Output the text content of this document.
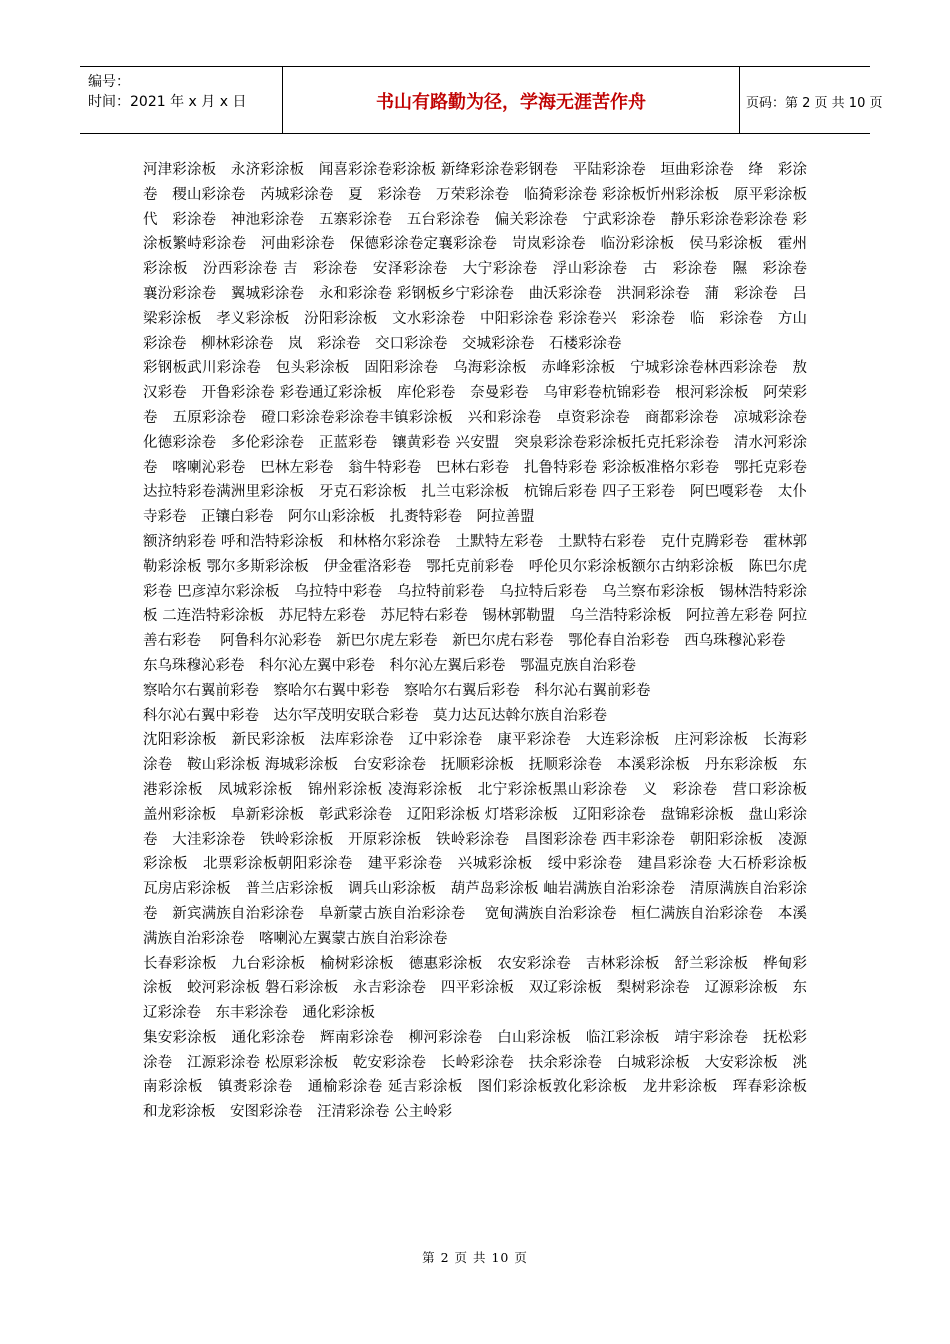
编号：
时间：2021 年 x 月 x 日	书山有路勤为径，学海无涯苦作舟	页码：第 2 页 共 10 页

河津彩涂板　永济彩涂板　闻喜彩涂卷彩涂板 新绛彩涂卷彩钢卷　平陆彩涂卷　垣曲彩涂卷　绛　彩涂卷　稷山彩涂卷　芮城彩涂卷　夏　彩涂卷　万荣彩涂卷　临猗彩涂卷 彩涂板忻州彩涂板　原平彩涂板　代　彩涂卷　神池彩涂卷　五寨彩涂卷　五台彩涂卷　偏关彩涂卷　宁武彩涂卷　静乐彩涂卷彩涂卷 彩涂板繁峙彩涂卷　河曲彩涂卷　保德彩涂卷定襄彩涂卷　岢岚彩涂卷　临汾彩涂板　侯马彩涂板　霍州彩涂板　汾西彩涂卷 吉　彩涂卷　安泽彩涂卷　大宁彩涂卷　浮山彩涂卷　古　彩涂卷　隰　彩涂卷　襄汾彩涂卷　翼城彩涂卷　永和彩涂卷 彩钢板乡宁彩涂卷　曲沃彩涂卷　洪洞彩涂卷　蒲　彩涂卷　吕梁彩涂板　孝义彩涂板　汾阳彩涂板　文水彩涂卷　中阳彩涂卷 彩涂卷兴　彩涂卷　临　彩涂卷　方山彩涂卷　柳林彩涂卷　岚　彩涂卷　交口彩涂卷　交城彩涂卷　石楼彩涂卷

彩钢板武川彩涂卷　包头彩涂板　固阳彩涂卷　乌海彩涂板　赤峰彩涂板　宁城彩涂卷林西彩涂卷　敖汉彩卷　开鲁彩涂卷 彩卷通辽彩涂板　库伦彩卷　奈曼彩卷　乌审彩卷杭锦彩卷　根河彩涂板　阿荣彩卷　五原彩涂卷　磴口彩涂卷彩涂卷丰镇彩涂板　兴和彩涂卷　卓资彩涂卷　商都彩涂卷　凉城彩涂卷　化德彩涂卷　多伦彩涂卷　正蓝彩卷　镶黄彩卷 兴安盟　突泉彩涂卷彩涂板托克托彩涂卷　清水河彩涂卷　喀喇沁彩卷　巴林左彩卷　翁牛特彩卷　巴林右彩卷　扎鲁特彩卷 彩涂板准格尔彩卷　鄂托克彩卷　达拉特彩卷满洲里彩涂板　牙克石彩涂板　扎兰屯彩涂板　杭锦后彩卷 四子王彩卷　阿巴嘎彩卷　太仆寺彩卷　正镶白彩卷　阿尔山彩涂板　扎赉特彩卷　阿拉善盟

额济纳彩卷 呼和浩特彩涂板　和林格尔彩涂卷　土默特左彩卷　土默特右彩卷　克什克腾彩卷　霍林郭勒彩涂板 鄂尔多斯彩涂板　伊金霍洛彩卷　鄂托克前彩卷　呼伦贝尔彩涂板额尔古纳彩涂板　陈巴尔虎彩卷 巴彦淖尔彩涂板　乌拉特中彩卷　乌拉特前彩卷　乌拉特后彩卷　乌兰察布彩涂板　锡林浩特彩涂板 二连浩特彩涂板　苏尼特左彩卷　苏尼特右彩卷　锡林郭勒盟　乌兰浩特彩涂板　阿拉善左彩卷 阿拉善右彩卷　 阿鲁科尔沁彩卷　新巴尔虎左彩卷　新巴尔虎右彩卷　鄂伦春自治彩卷　西乌珠穆沁彩卷

东乌珠穆沁彩卷　科尔沁左翼中彩卷　科尔沁左翼后彩卷　鄂温克族自治彩卷

察哈尔右翼前彩卷　察哈尔右翼中彩卷　察哈尔右翼后彩卷　科尔沁右翼前彩卷

科尔沁右翼中彩卷　达尔罕茂明安联合彩卷　莫力达瓦达斡尔族自治彩卷

沈阳彩涂板　新民彩涂板　法库彩涂卷　辽中彩涂卷　康平彩涂卷　大连彩涂板　庄河彩涂板　长海彩涂卷　鞍山彩涂板 海城彩涂板　台安彩涂卷　抚顺彩涂板　抚顺彩涂卷　本溪彩涂板　丹东彩涂板　东港彩涂板　凤城彩涂板　锦州彩涂板 凌海彩涂板　北宁彩涂板黑山彩涂卷　义　彩涂卷　营口彩涂板　盖州彩涂板　阜新彩涂板　彰武彩涂卷　辽阳彩涂板 灯塔彩涂板　辽阳彩涂卷　盘锦彩涂板　盘山彩涂卷　大洼彩涂卷　铁岭彩涂板　开原彩涂板　铁岭彩涂卷　昌图彩涂卷 西丰彩涂卷　朝阳彩涂板　凌源彩涂板　北票彩涂板朝阳彩涂卷　建平彩涂卷　兴城彩涂板　绥中彩涂卷　建昌彩涂卷 大石桥彩涂板　瓦房店彩涂板　普兰店彩涂板　调兵山彩涂板　葫芦岛彩涂板 岫岩满族自治彩涂卷　清原满族自治彩涂卷　新宾满族自治彩涂卷　阜新蒙古族自治彩涂卷　 宽甸满族自治彩涂卷　桓仁满族自治彩涂卷　本溪满族自治彩涂卷　喀喇沁左翼蒙古族自治彩涂卷

长春彩涂板　九台彩涂板　榆树彩涂板　德惠彩涂板　农安彩涂卷　吉林彩涂板　舒兰彩涂板　桦甸彩涂板　蛟河彩涂板 磐石彩涂板　永吉彩涂卷　四平彩涂板　双辽彩涂板　梨树彩涂卷　辽源彩涂板　东辽彩涂卷　东丰彩涂卷　通化彩涂板

集安彩涂板　通化彩涂卷　辉南彩涂卷　柳河彩涂卷　白山彩涂板　临江彩涂板　靖宇彩涂卷　抚松彩涂卷　江源彩涂卷 松原彩涂板　乾安彩涂卷　长岭彩涂卷　扶余彩涂卷　白城彩涂板　大安彩涂板　洮南彩涂板　镇赉彩涂卷　通榆彩涂卷 延吉彩涂板　图们彩涂板敦化彩涂板　龙井彩涂板　珲春彩涂板　和龙彩涂板　安图彩涂卷　汪清彩涂卷 公主岭彩

第 2 页 共 10 页
